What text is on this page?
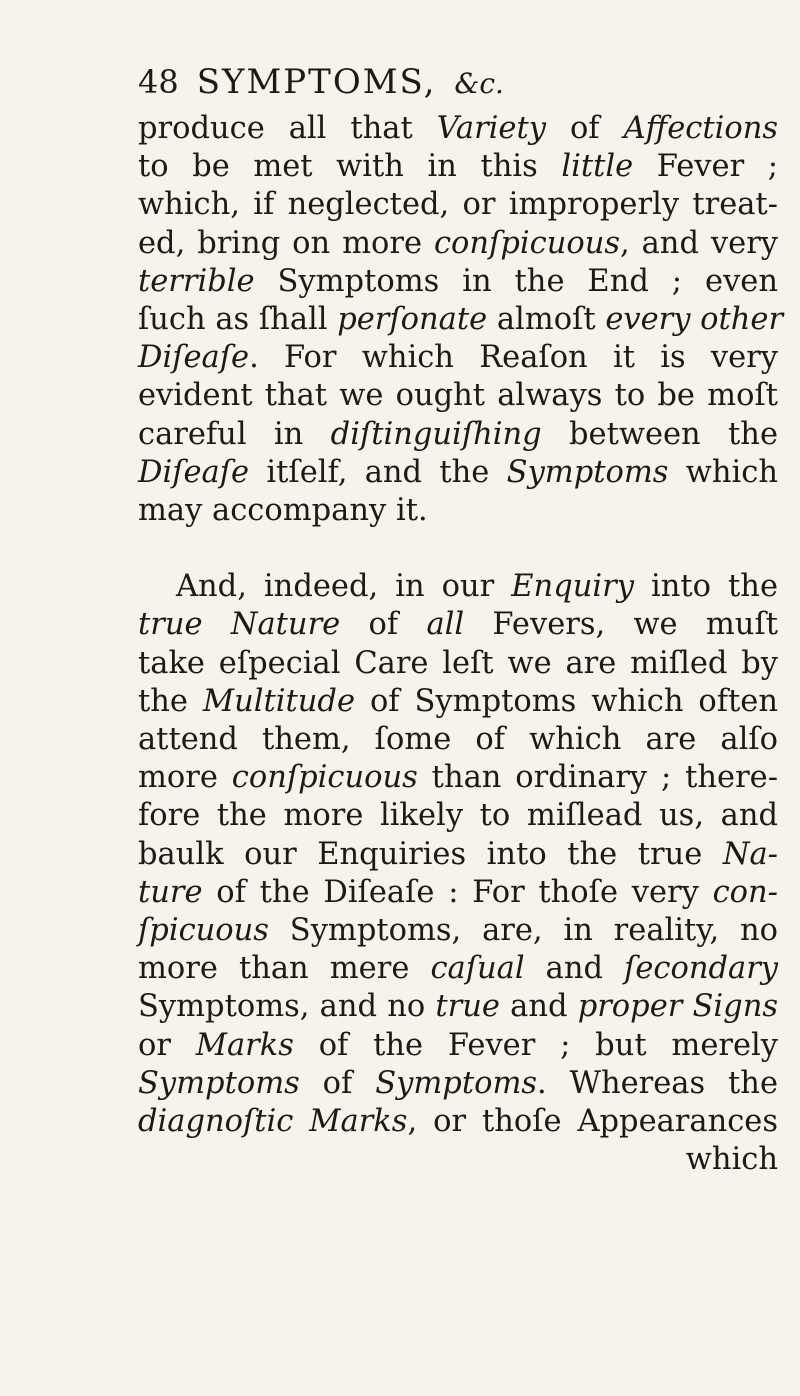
48 SYMPTOMS, &c.
produce all that Variety of Affections
to be met with in this little Fever ;
which, if neglected, or improperly treat-
ed, bring on more conſpicuous, and very
terrible Symptoms in the End ; even
ſuch as ſhall perſonate almoſt every other
Diſeaſe. For which Reaſon it is very
evident that we ought always to be moſt
careful in diſtinguiſhing between the
Diſeaſe itſelf, and the Symptoms which
may accompany it.
And, indeed, in our Enquiry into the
true Nature of all Fevers, we muſt
take eſpecial Care leſt we are miſled by
the Multitude of Symptoms which often
attend them, ſome of which are alſo
more conſpicuous than ordinary ; there-
fore the more likely to miſlead us, and
baulk our Enquiries into the true Na-
ture of the Diſeaſe : For thoſe very con-
ſpicuous Symptoms, are, in reality, no
more than mere caſual and ſecondary
Symptoms, and no true and proper Signs
or Marks of the Fever ; but merely
Symptoms of Symptoms. Whereas the
diagnoſtic Marks, or thoſe Appearances
which
